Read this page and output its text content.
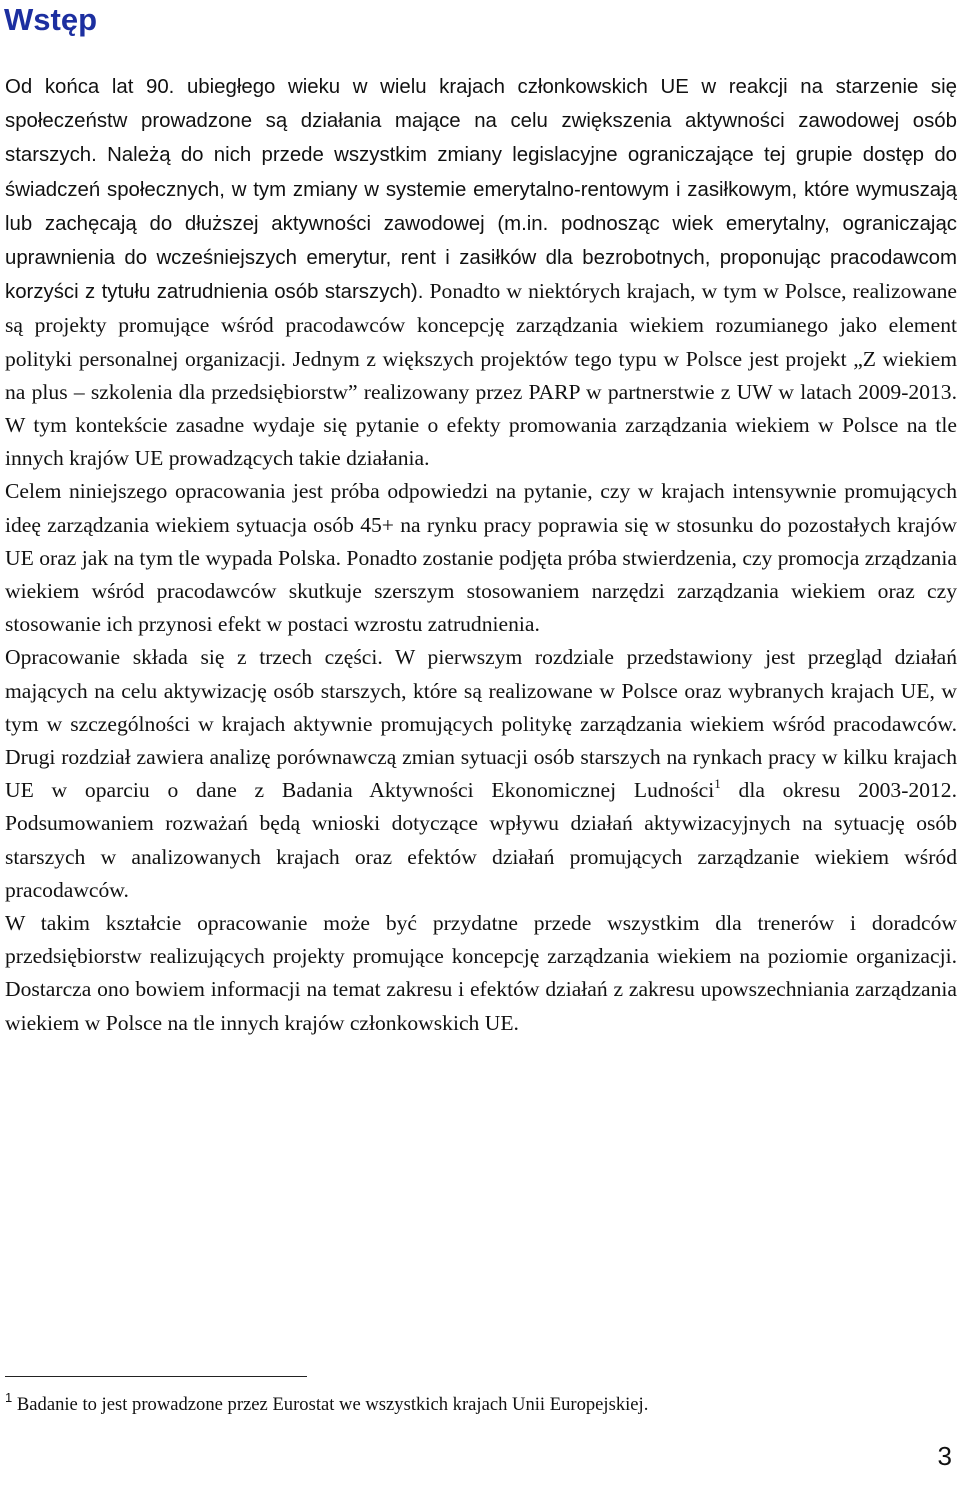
Wstęp

Od końca lat 90. ubiegłego wieku w wielu krajach członkowskich UE w reakcji na starzenie się społeczeństw prowadzone są działania mające na celu zwiększenia aktywności zawodowej osób starszych. Należą do nich przede wszystkim zmiany legislacyjne ograniczające tej grupie dostęp do świadczeń społecznych, w tym zmiany w systemie emerytalno-rentowym i zasiłkowym, które wymuszają lub zachęcają do dłuższej aktywności zawodowej (m.in. podnosząc wiek emerytalny, ograniczając uprawnienia do wcześniejszych emerytur, rent i zasiłków dla bezrobotnych, proponując pracodawcom korzyści z tytułu zatrudnienia osób starszych). Ponadto w niektórych krajach, w tym w Polsce, realizowane są projekty promujące wśród pracodawców koncepcję zarządzania wiekiem rozumianego jako element polityki personalnej organizacji. Jednym z większych projektów tego typu w Polsce jest projekt „Z wiekiem na plus – szkolenia dla przedsiębiorstw” realizowany przez PARP w partnerstwie z UW w latach 2009-2013. W tym kontekście zasadne wydaje się pytanie o efekty promowania zarządzania wiekiem w Polsce na tle innych krajów UE prowadzących takie działania.

Celem niniejszego opracowania jest próba odpowiedzi na pytanie, czy w krajach intensywnie promujących ideę zarządzania wiekiem sytuacja osób 45+ na rynku pracy poprawia się w stosunku do pozostałych krajów UE oraz jak na tym tle wypada Polska. Ponadto zostanie podjęta próba stwierdzenia, czy promocja zrządzania wiekiem wśród pracodawców skutkuje szerszym stosowaniem narzędzi zarządzania wiekiem oraz czy stosowanie ich przynosi efekt w postaci wzrostu zatrudnienia.

Opracowanie składa się z trzech części. W pierwszym rozdziale przedstawiony jest przegląd działań mających na celu aktywizację osób starszych, które są realizowane w Polsce oraz wybranych krajach UE, w tym w szczególności w krajach aktywnie promujących politykę zarządzania wiekiem wśród pracodawców. Drugi rozdział zawiera analizę porównawczą zmian sytuacji osób starszych na rynkach pracy w kilku krajach UE w oparciu o dane z Badania Aktywności Ekonomicznej Ludności$^1$ dla okresu 2003-2012. Podsumowaniem rozważań będą wnioski dotyczące wpływu działań aktywizacyjnych na sytuację osób starszych w analizowanych krajach oraz efektów działań promujących zarządzanie wiekiem wśród pracodawców.

W takim kształcie opracowanie może być przydatne przede wszystkim dla trenerów i doradców przedsiębiorstw realizujących projekty promujące koncepcję zarządzania wiekiem na poziomie organizacji. Dostarcza ono bowiem informacji na temat zakresu i efektów działań z zakresu upowszechniania zarządzania wiekiem w Polsce na tle innych krajów członkowskich UE.

$^1$ Badanie to jest prowadzone przez Eurostat we wszystkich krajach Unii Europejskiej.
3
